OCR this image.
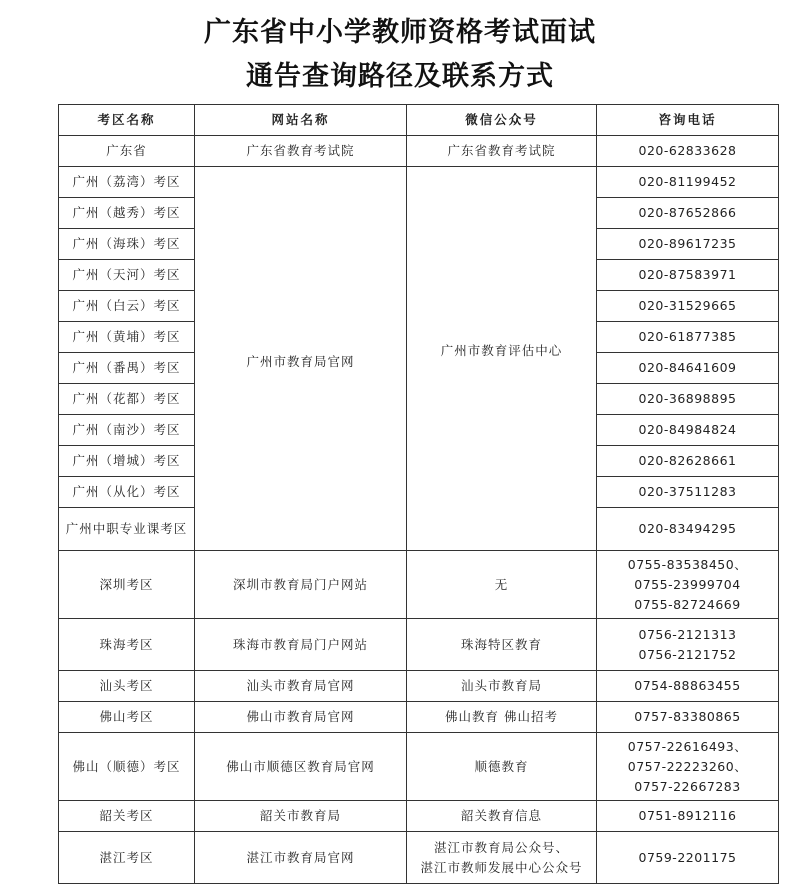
广东省中小学教师资格考试面试
通告查询路径及联系方式
考区名称	网站名称	微信公众号	咨询电话
广东省	广东省教育考试院	广东省教育考试院	020-62833628
广州（荔湾）考区	广州市教育局官网	广州市教育评估中心	020-81199452
广州（越秀）考区			020-87652866
广州（海珠）考区			020-89617235
广州（天河）考区			020-87583971
广州（白云）考区			020-31529665
广州（黄埔）考区			020-61877385
广州（番禺）考区			020-84641609
广州（花都）考区			020-36898895
广州（南沙）考区			020-84984824
广州（增城）考区			020-82628661
广州（从化）考区			020-37511283
广州中职专业课考区			020-83494295
深圳考区	深圳市教育局门户网站	无	0755-83538450、
0755-23999704
0755-82724669

珠海考区	珠海市教育局门户网站	珠海特区教育	0756-2121313
0756-2121752

汕头考区	汕头市教育局官网	汕头市教育局	0754-88863455
佛山考区	佛山市教育局官网	佛山教育 佛山招考	0757-83380865
佛山（顺德）考区	佛山市顺德区教育局官网	顺德教育	0757-22616493、
0757-22223260、
0757-22667283

韶关考区	韶关市教育局	韶关教育信息	0751-8912116
湛江考区	湛江市教育局官网	湛江市教育局公众号、
湛江市教师发展中心公众号	0759-2201175
